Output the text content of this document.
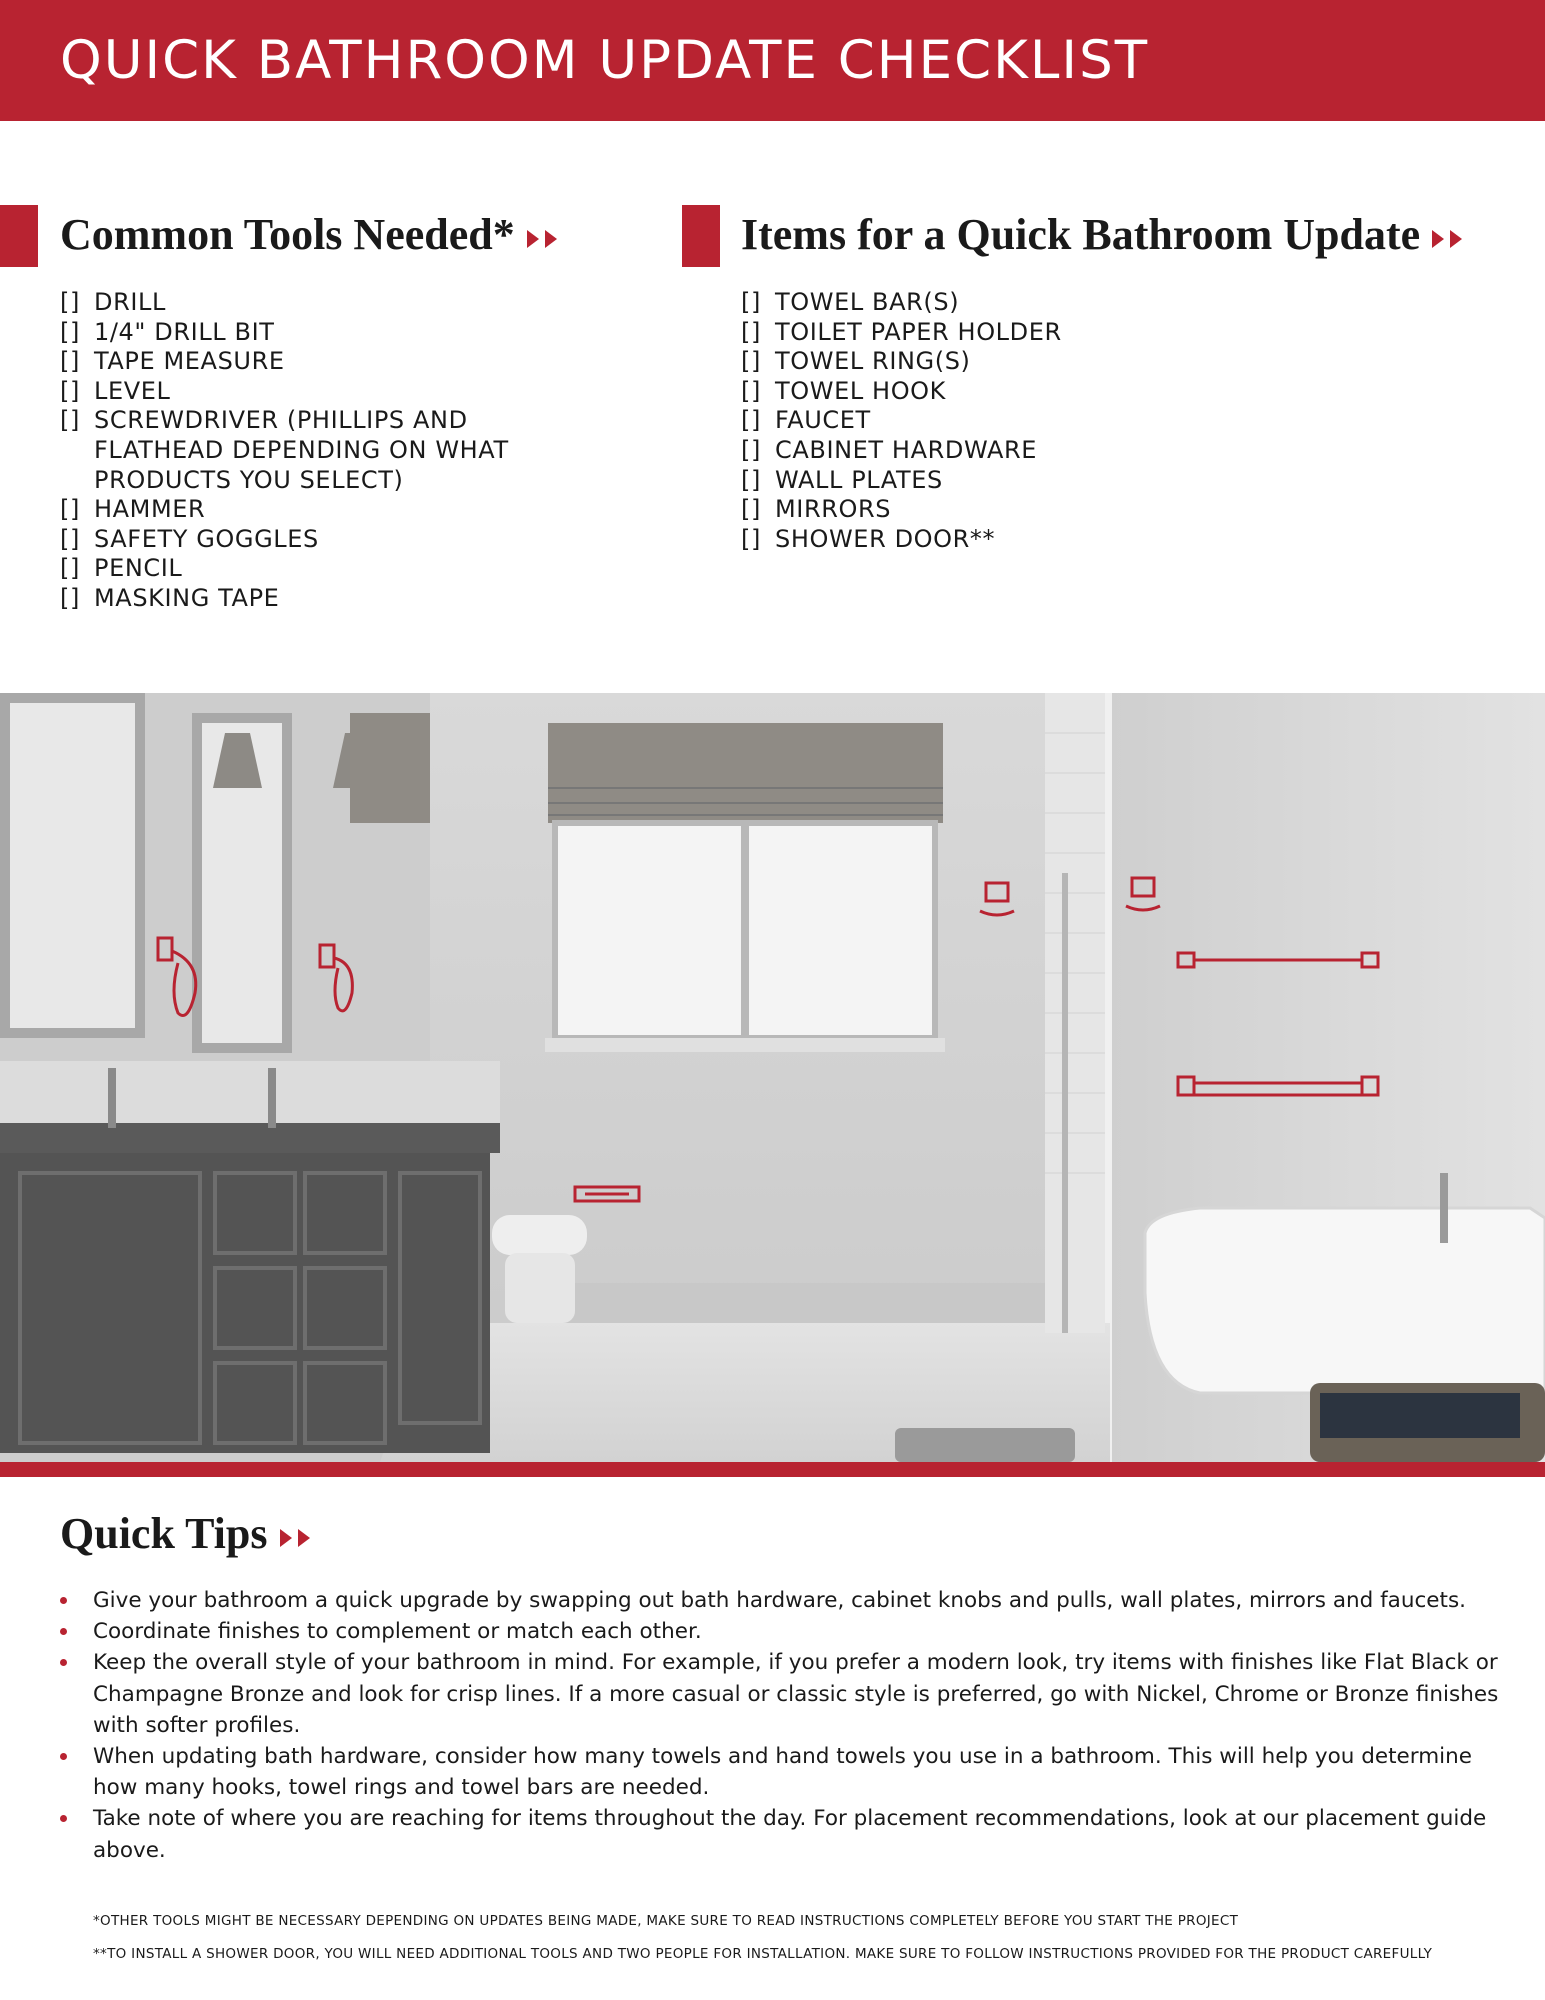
QUICK BATHROOM UPDATE CHECKLIST
Common Tools Needed*
[] DRILL
[] 1/4" DRILL BIT
[] TAPE MEASURE
[] LEVEL
[] SCREWDRIVER (PHILLIPS AND
FLATHEAD DEPENDING ON WHAT
PRODUCTS YOU SELECT)
[] HAMMER
[] SAFETY GOGGLES
[] PENCIL
[] MASKING TAPE
Items for a Quick Bathroom Update
[] TOWEL BAR(S)
[] TOILET PAPER HOLDER
[] TOWEL RING(S)
[] TOWEL HOOK
[] FAUCET
[] CABINET HARDWARE
[] WALL PLATES
[] MIRRORS
[] SHOWER DOOR**
Quick Tips
Give your bathroom a quick upgrade by swapping out bath hardware, cabinet knobs and pulls, wall plates, mirrors and faucets.
Coordinate finishes to complement or match each other.
Keep the overall style of your bathroom in mind. For example, if you prefer a modern look, try items with finishes like Flat Black or Champagne Bronze and look for crisp lines. If a more casual or classic style is preferred, go with Nickel, Chrome or Bronze finishes with softer profiles.
When updating bath hardware, consider how many towels and hand towels you use in a bathroom. This will help you determine how many hooks, towel rings and towel bars are needed.
Take note of where you are reaching for items throughout the day. For placement recommendations, look at our placement guide above.

*OTHER TOOLS MIGHT BE NECESSARY DEPENDING ON UPDATES BEING MADE, MAKE SURE TO READ INSTRUCTIONS COMPLETELY BEFORE YOU START THE PROJECT

**TO INSTALL A SHOWER DOOR, YOU WILL NEED ADDITIONAL TOOLS AND TWO PEOPLE FOR INSTALLATION. MAKE SURE TO FOLLOW INSTRUCTIONS PROVIDED FOR THE PRODUCT CAREFULLY
